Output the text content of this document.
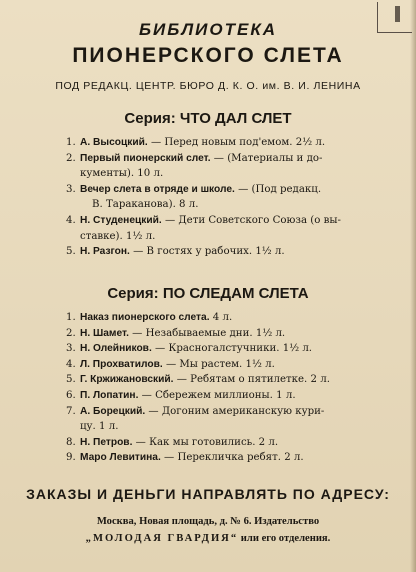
БИБЛИОТЕКА
ПИОНЕРСКОГО СЛЕТА
ПОД РЕДАКЦ. ЦЕНТР. БЮРО Д. К. О. им. В. И. ЛЕНИНА
Серия: ЧТО ДАЛ СЛЕТ
1. А. Высоцкий. — Перед новым под'емом. 2½ л.
2. Первый пионерский слет. — (Материалы и до-
кументы). 10 л.
3. Вечер слета в отряде и школе. — (Под редакц.
В. Таракановa). 8 л.
4. Н. Студенецкий. — Дети Советского Союза (о вы-
ставке). 1½ л.
5. Н. Разгон. — В гостях у рабочих. 1½ л.
Серия: ПО СЛЕДАМ СЛЕТА
1. Наказ пионерского слета. 4 л.
2. Н. Шамет. — Незабываемые дни. 1½ л.
3. Н. Олейников. — Красногалстучники. 1½ л.
4. Л. Прохватилов. — Мы растем. 1½ л.
5. Г. Кржижановский. — Ребятам о пятилетке. 2 л.
6. П. Лопатин. — Сбережем миллионы. 1 л.
7. А. Борецкий. — Догоним американскую кури-
цу. 1 л.
8. Н. Петров. — Как мы готовились. 2 л.
9. Маро Левитина. — Перекличка ребят. 2 л.
ЗАКАЗЫ И ДЕНЬГИ НАПРАВЛЯТЬ ПО АДРЕСУ:
Москва, Новая площадь, д. № 6. Издательство
„МОЛОДАЯ ГВАРДИЯ“ или его отделения.
